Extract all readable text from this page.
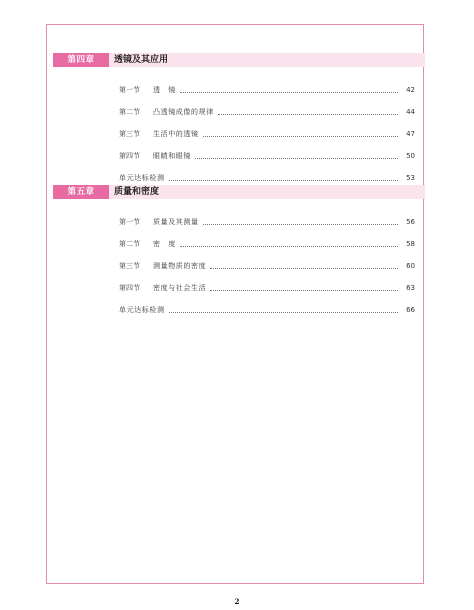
第四章	透镜及其应用
第一节	透　镜	42
第二节	凸透镜成像的规律	44
第三节	生活中的透镜	47
第四节	眼睛和眼镜	50
单元达标检测	53
第五章	质量和密度
第一节	质量及其测量	56
第二节	密　度	58
第三节	测量物质的密度	60
第四节	密度与社会生活	63
单元达标检测	66
2
